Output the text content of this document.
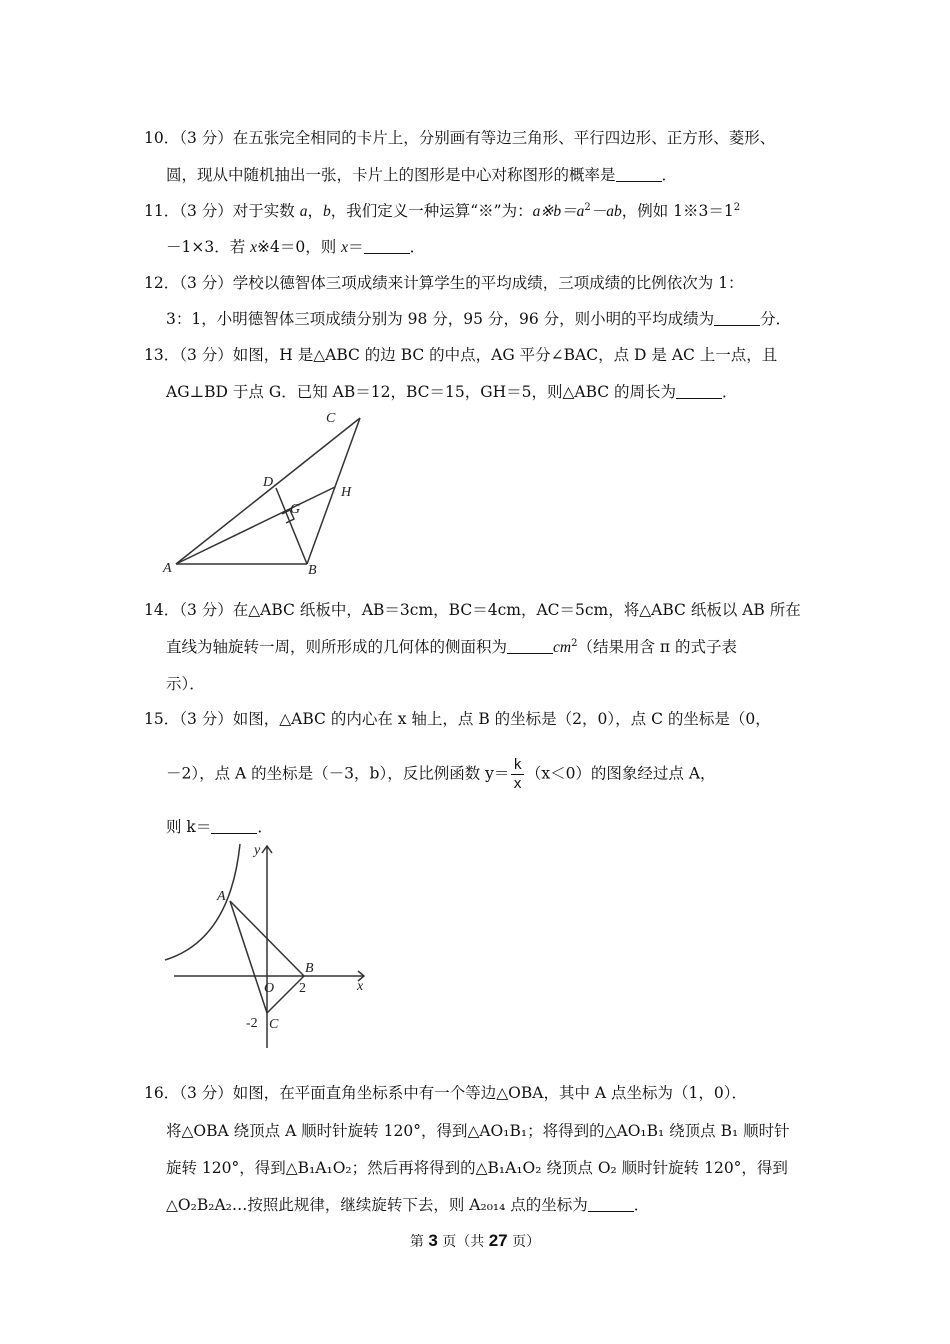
10．（3 分）在五张完全相同的卡片上，分别画有等边三角形、平行四边形、正方形、菱形、
圆，现从中随机抽出一张，卡片上的图形是中心对称图形的概率是	．
11．（3 分）对于实数 a，b，我们定义一种运算“※”为：$a※b=a^2-ab$，例如 $1※3=1^2$
－1×3．若 x※4＝0，则 x＝	．
12．（3 分）学校以德智体三项成绩来计算学生的平均成绩，三项成绩的比例依次为 1：
3：1，小明德智体三项成绩分别为 98 分，95 分，96 分，则小明的平均成绩为	分．
13．（3 分）如图，H 是△ABC 的边 BC 的中点，AG 平分∠BAC，点 D 是 AC 上一点，且
AG⊥BD 于点 G．已知 AB＝12，BC＝15，GH＝5，则△ABC 的周长为	．
C
D
H
G
A	B
14．（3 分）在△ABC 纸板中，AB＝3cm，BC＝4cm，AC＝5cm，将△ABC 纸板以 AB 所在
直线为轴旋转一周，则所形成的几何体的侧面积为	$cm^2$（结果用含 π 的式子表
示）．
15．（3 分）如图，△ABC 的内心在 x 轴上，点 B 的坐标是（2，0），点 C 的坐标是（0，
－2），点 A 的坐标是（－3，b），反比例函数 $y= \frac{k}{x} (x<0)$的图象经过点 A，
则 k＝	．
y
x
A
B
O 2
-2 C
16．（3 分）如图，在平面直角坐标系中有一个等边△OBA，其中 A 点坐标为（1，0）．
将△OBA 绕顶点 A 顺时针旋转 120°，得到△AO₁B₁；将得到的△AO₁B₁ 绕顶点 B₁ 顺时针
旋转 120°，得到△B₁A₁O₂；然后再将得到的△B₁A₁O₂ 绕顶点 O₂ 顺时针旋转 120°，得到
△O₂B₂A₂…按照此规律，继续旋转下去，则 A₂₀₁₄ 点的坐标为	．
第 3 页（共 27 页）
